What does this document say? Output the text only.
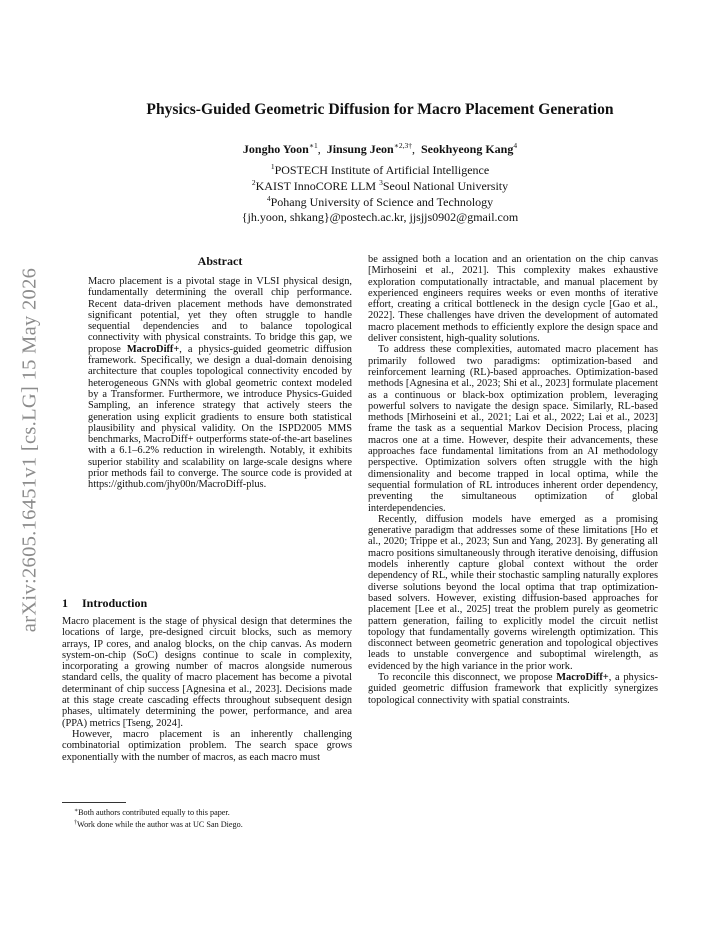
arXiv:2605.16451v1 [cs.LG] 15 May 2026
Physics-Guided Geometric Diffusion for Macro Placement Generation
Jongho Yoon$^{∗1}$,  Jinsung Jeon$^{∗2,3\dagger}$,  Seokhyeong Kang$^4$
$^1$POSTECH Institute of Artificial Intelligence
$^2$KAIST InnoCORE LLM $^3$Seoul National University
$^4$Pohang University of Science and Technology
{jh.yoon, shkang}@postech.ac.kr, jjsjjs0902@gmail.com
Abstract

Macro placement is a pivotal stage in VLSI physical design, fundamentally determining the overall chip performance. Recent data-driven placement methods have demonstrated significant potential, yet they often struggle to handle sequential dependencies and to balance topological connectivity with physical constraints. To bridge this gap, we propose MacroDiff+, a physics-guided geometric diffusion framework. Specifically, we design a dual-domain denoising architecture that couples topological connectivity encoded by heterogeneous GNNs with global geometric context modeled by a Transformer. Furthermore, we introduce Physics-Guided Sampling, an inference strategy that actively steers the generation using explicit gradients to ensure both statistical plausibility and physical validity. On the ISPD2005 MMS benchmarks, MacroDiff+ outperforms state-of-the-art baselines with a 6.1–6.2% reduction in wirelength. Notably, it exhibits superior stability and scalability on large-scale designs where prior methods fail to converge. The source code is provided at https://github.com/jhy00n/MacroDiff-plus.

1 Introduction

Macro placement is the stage of physical design that determines the locations of large, pre-designed circuit blocks, such as memory arrays, IP cores, and analog blocks, on the chip canvas. As modern system-on-chip (SoC) designs continue to scale in complexity, incorporating a growing number of macros alongside numerous standard cells, the quality of macro placement has become a pivotal determinant of chip success [Agnesina et al., 2023]. Decisions made at this stage create cascading effects throughout subsequent design phases, ultimately determining the power, performance, and area (PPA) metrics [Tseng, 2024].

However, macro placement is an inherently challenging combinatorial optimization problem. The search space grows exponentially with the number of macros, as each macro must

∗Both authors contributed equally to this paper.
†Work done while the author was at UC San Diego.

be assigned both a location and an orientation on the chip canvas [Mirhoseini et al., 2021]. This complexity makes exhaustive exploration computationally intractable, and manual placement by experienced engineers requires weeks or even months of iterative effort, creating a critical bottleneck in the design cycle [Gao et al., 2022]. These challenges have driven the development of automated macro placement methods to efficiently explore the design space and deliver consistent, high-quality solutions.

To address these complexities, automated macro placement has primarily followed two paradigms: optimization-based and reinforcement learning (RL)-based approaches. Optimization-based methods [Agnesina et al., 2023; Shi et al., 2023] formulate placement as a continuous or black-box optimization problem, leveraging powerful solvers to navigate the design space. Similarly, RL-based methods [Mirhoseini et al., 2021; Lai et al., 2022; Lai et al., 2023] frame the task as a sequential Markov Decision Process, placing macros one at a time. However, despite their advancements, these approaches face fundamental limitations from an AI methodology perspective. Optimization solvers often struggle with the high dimensionality and become trapped in local optima, while the sequential formulation of RL introduces inherent order dependency, preventing the simultaneous optimization of global interdependencies.

Recently, diffusion models have emerged as a promising generative paradigm that addresses some of these limitations [Ho et al., 2020; Trippe et al., 2023; Sun and Yang, 2023]. By generating all macro positions simultaneously through iterative denoising, diffusion models inherently capture global context without the order dependency of RL, while their stochastic sampling naturally explores diverse solutions beyond the local optima that trap optimization-based solvers. However, existing diffusion-based approaches for placement [Lee et al., 2025] treat the problem purely as geometric pattern generation, failing to explicitly model the circuit netlist topology that fundamentally governs wirelength optimization. This disconnect between geometric generation and topological objectives leads to unstable convergence and suboptimal wirelength, as evidenced by the high variance in the prior work.

To reconcile this disconnect, we propose MacroDiff+, a physics-guided geometric diffusion framework that explicitly synergizes topological connectivity with spatial constraints.
